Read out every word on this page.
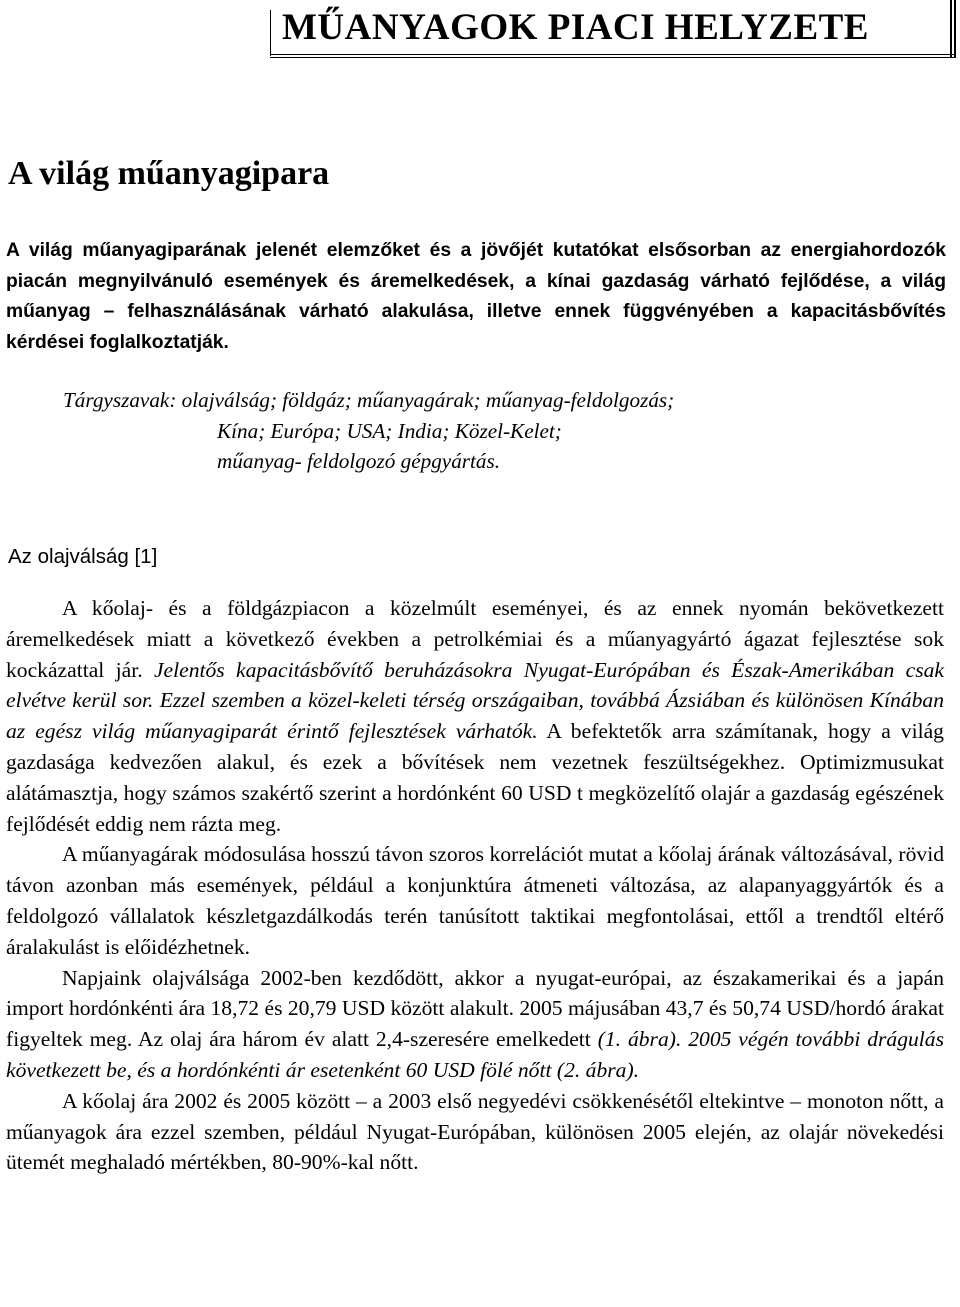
MŰANYAGOK PIACI HELYZETE
A világ műanyagipara
A világ műanyagiparának jelenét elemzőket és a jövőjét kutatókat elsősorban az energiahordozók piacán megnyilvánuló események és áremelkedések, a kínai gazdaság várható fejlődése, a világ műanyag – felhasználásának várható alakulása, illetve ennek függvényében a kapacitásbővítés kérdései foglalkoztatják.
Tárgyszavak: olajválság; földgáz; műanyagárak; műanyag-feldolgozás;
Kína; Európa; USA; India; Közel-Kelet;
műanyag- feldolgozó gépgyártás.
Az olajválság [1]

A kőolaj- és a földgázpiacon a közelmúlt eseményei, és az ennek nyomán bekövetkezett áremelkedések miatt a következő években a petrolkémiai és a műanyagyártó ágazat fejlesztése sok kockázattal jár. Jelentős kapacitásbővítő beruházásokra Nyugat-Európában és Észak-Amerikában csak elvétve kerül sor. Ezzel szemben a közel-keleti térség országaiban, továbbá Ázsiában és különösen Kínában az egész világ műanyagiparát érintő fejlesztések várhatók. A befektetők arra számítanak, hogy a világ gazdasága kedvezően alakul, és ezek a bővítések nem vezetnek feszültségekhez. Optimizmusukat alátámasztja, hogy számos szakértő szerint a hordónként 60 USD t megközelítő olajár a gazdaság egészének fejlődését eddig nem rázta meg.

A műanyagárak módosulása hosszú távon szoros korrelációt mutat a kőolaj árának változásával, rövid távon azonban más események, például a konjunktúra átmeneti változása, az alapanyaggyártók és a feldolgozó vállalatok készletgazdálkodás terén tanúsított taktikai megfontolásai, ettől a trendtől eltérő áralakulást is előidézhetnek.

Napjaink olajválsága 2002-ben kezdődött, akkor a nyugat-európai, az északamerikai és a japán import hordónkénti ára 18,72 és 20,79 USD között alakult. 2005 májusában 43,7 és 50,74 USD/hordó árakat figyeltek meg. Az olaj ára három év alatt 2,4-szeresére emelkedett (1. ábra). 2005 végén további drágulás következett be, és a hordónkénti ár esetenként 60 USD fölé nőtt (2. ábra).

A kőolaj ára 2002 és 2005 között – a 2003 első negyedévi csökkenésétől eltekintve – monoton nőtt, a műanyagok ára ezzel szemben, például Nyugat-Európában, különösen 2005 elején, az olajár növekedési ütemét meghaladó mértékben, 80-90%-kal nőtt.
